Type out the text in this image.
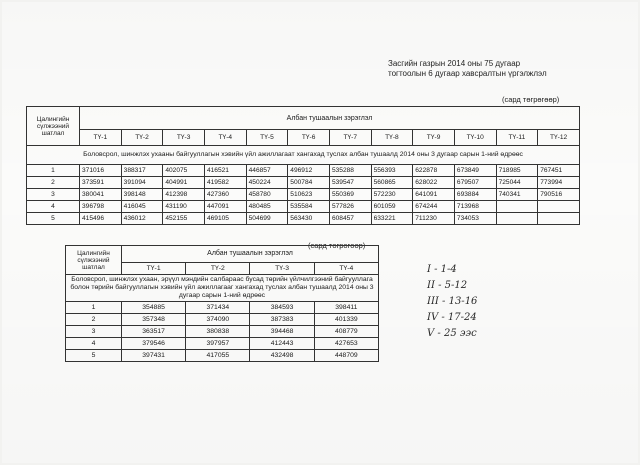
Засгийн газрын 2014 оны 75 дугаар
тогтоолын 6 дугаар хавсралтын үргэлжлэл
(сард төгрөгөөр)
Цалингийн сүлжээний шатлал	Албан тушаалын зэрэглэл											
	ТҮ-1	ТҮ-2	ТҮ-3	ТҮ-4	ТҮ-5	ТҮ-6	ТҮ-7	ТҮ-8	ТҮ-9	ТҮ-10	ТҮ-11	ТҮ-12
Боловсрол, шинжлэх ухааны байгууллагын хэвийн үйл ажиллагаат хангахад туслах албан тушаалд 2014 оны 3 дугаар сарын 1-ний өдрөөс												
1	371016	388317	402075	416521	446857	496912	535288	556393	622878	673849	718985	767451
2	373591	391094	404991	419582	450224	500784	539547	560865	628022	679507	725044	773994
3	380041	398148	412398	427360	458780	510623	550369	572230	641091	693884	740341	790516
4	396798	416045	431190	447091	480485	535584	577826	601059	674244	713968		
5	415496	436012	452155	469105	504699	563430	608457	633221	711230	734053		
(сард төгрөгөөр)
Цалингийн сүлжээний шатлал	Албан тушаалын зэрэглэл			
	ТҮ-1	ТҮ-2	ТҮ-3	ТҮ-4
Боловсрол, шинжлэх ухаан, эрүүл мэндийн салбараас бусад төрийн үйлчилгээний байгууллага болон төрийн байгууллагын хэвийн үйл ажиллагааг хангахад туслах албан тушаалд 2014 оны 3 дугаар сарын 1-ний өдрөөс				
1	354885	371434	384593	398411
2	357348	374090	387383	401339
3	363517	380838	394468	408779
4	379546	397957	412443	427653
5	397431	417055	432498	448709
I - 1-4
II - 5-12
III - 13-16
IV - 17-24
V - 25 ээс
